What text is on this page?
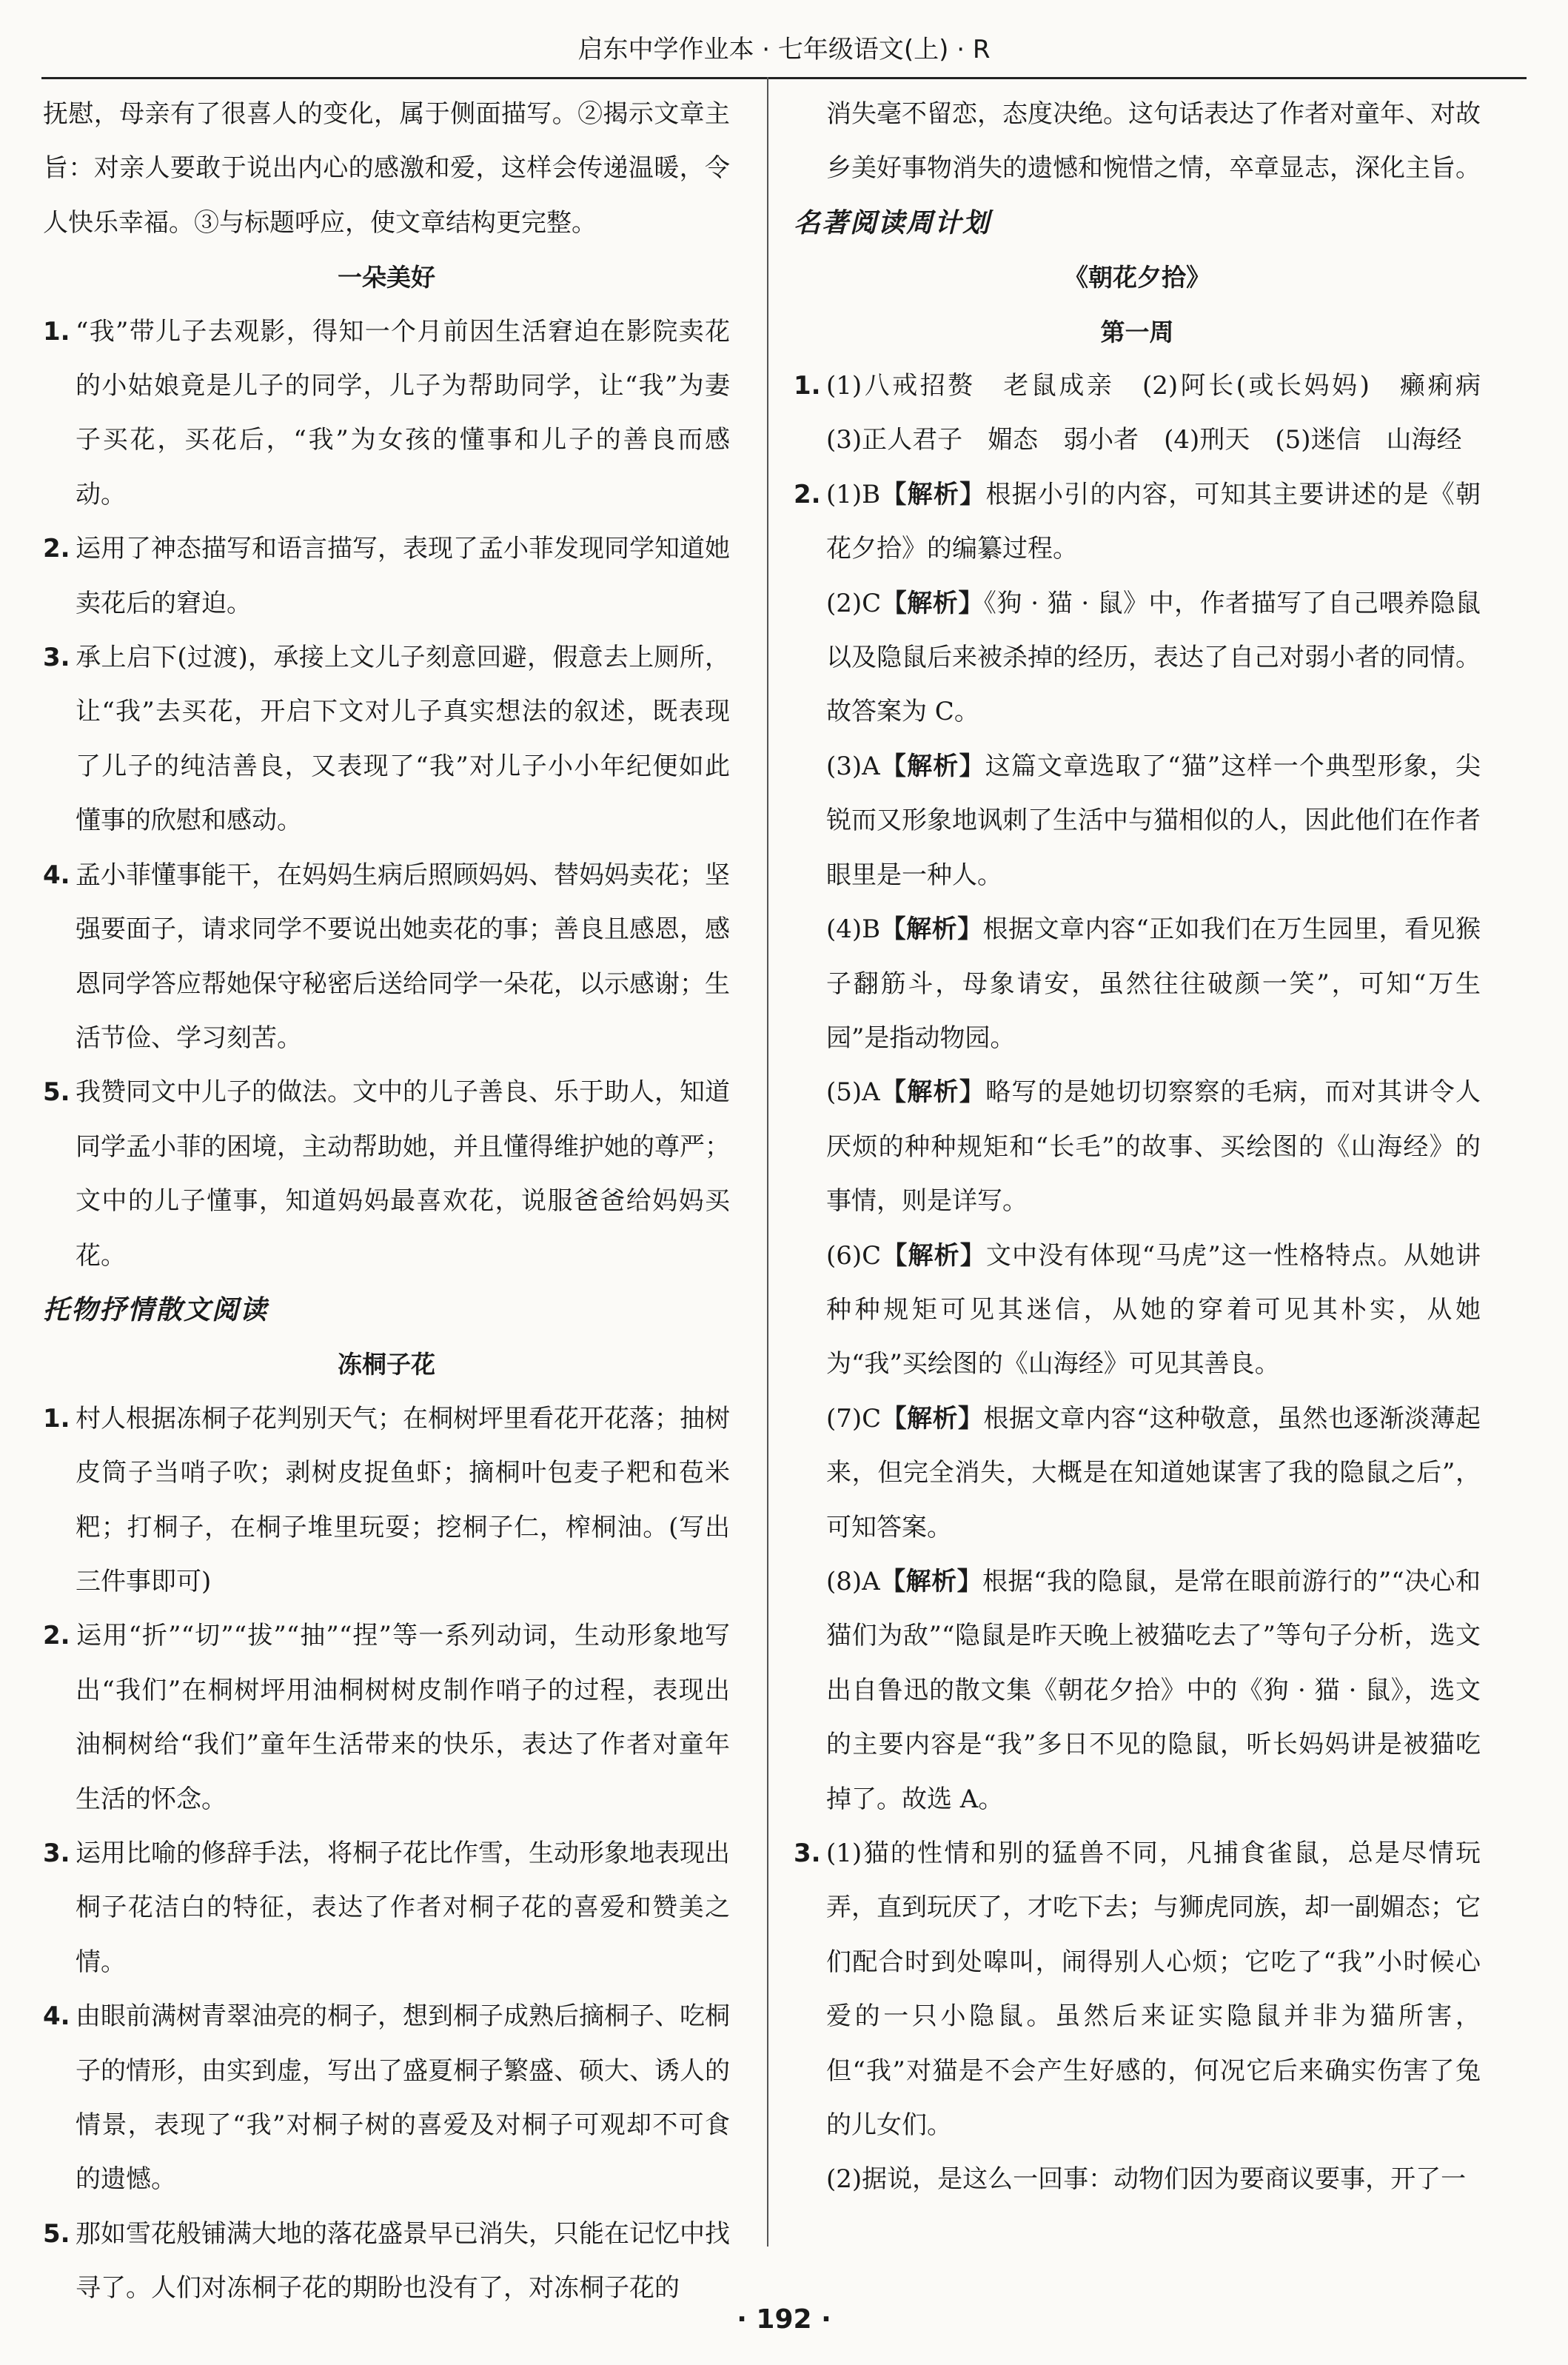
启东中学作业本 · 七年级语文(上) · R

抚慰，母亲有了很喜人的变化，属于侧面描写。②揭示文章主旨：对亲人要敢于说出内心的感激和爱，这样会传递温暖，令人快乐幸福。③与标题呼应，使文章结构更完整。

一朵美好

1. “我”带儿子去观影，得知一个月前因生活窘迫在影院卖花的小姑娘竟是儿子的同学，儿子为帮助同学，让“我”为妻子买花，买花后，“我”为女孩的懂事和儿子的善良而感动。

2. 运用了神态描写和语言描写，表现了孟小菲发现同学知道她卖花后的窘迫。

3. 承上启下(过渡)，承接上文儿子刻意回避，假意去上厕所，让“我”去买花，开启下文对儿子真实想法的叙述，既表现了儿子的纯洁善良，又表现了“我”对儿子小小年纪便如此懂事的欣慰和感动。

4. 孟小菲懂事能干，在妈妈生病后照顾妈妈、替妈妈卖花；坚强要面子，请求同学不要说出她卖花的事；善良且感恩，感恩同学答应帮她保守秘密后送给同学一朵花，以示感谢；生活节俭、学习刻苦。

5. 我赞同文中儿子的做法。文中的儿子善良、乐于助人，知道同学孟小菲的困境，主动帮助她，并且懂得维护她的尊严；文中的儿子懂事，知道妈妈最喜欢花，说服爸爸给妈妈买花。

托物抒情散文阅读

冻桐子花

1. 村人根据冻桐子花判别天气；在桐树坪里看花开花落；抽树皮筒子当哨子吹；剥树皮捉鱼虾；摘桐叶包麦子粑和苞米粑；打桐子，在桐子堆里玩耍；挖桐子仁，榨桐油。(写出三件事即可)

2. 运用“折”“切”“拔”“抽”“捏”等一系列动词，生动形象地写出“我们”在桐树坪用油桐树树皮制作哨子的过程，表现出油桐树给“我们”童年生活带来的快乐，表达了作者对童年生活的怀念。

3. 运用比喻的修辞手法，将桐子花比作雪，生动形象地表现出桐子花洁白的特征，表达了作者对桐子花的喜爱和赞美之情。

4. 由眼前满树青翠油亮的桐子，想到桐子成熟后摘桐子、吃桐子的情形，由实到虚，写出了盛夏桐子繁盛、硕大、诱人的情景，表现了“我”对桐子树的喜爱及对桐子可观却不可食的遗憾。

5. 那如雪花般铺满大地的落花盛景早已消失，只能在记忆中找寻了。人们对冻桐子花的期盼也没有了，对冻桐子花的

消失毫不留恋，态度决绝。这句话表达了作者对童年、对故乡美好事物消失的遗憾和惋惜之情，卒章显志，深化主旨。

名著阅读周计划

《朝花夕拾》

第一周

1. (1)八戒招赘　老鼠成亲　(2)阿长(或长妈妈)　癞痢病　(3)正人君子　媚态　弱小者　(4)刑天　(5)迷信　山海经

2. (1)B【解析】根据小引的内容，可知其主要讲述的是《朝花夕拾》的编纂过程。

(2)C【解析】《狗 · 猫 · 鼠》中，作者描写了自己喂养隐鼠以及隐鼠后来被杀掉的经历，表达了自己对弱小者的同情。故答案为 C。

(3)A【解析】这篇文章选取了“猫”这样一个典型形象，尖锐而又形象地讽刺了生活中与猫相似的人，因此他们在作者眼里是一种人。

(4)B【解析】根据文章内容“正如我们在万生园里，看见猴子翻筋斗，母象请安，虽然往往破颜一笑”，可知“万生园”是指动物园。

(5)A【解析】略写的是她切切察察的毛病，而对其讲令人厌烦的种种规矩和“长毛”的故事、买绘图的《山海经》的事情，则是详写。

(6)C【解析】文中没有体现“马虎”这一性格特点。从她讲种种规矩可见其迷信，从她的穿着可见其朴实，从她为“我”买绘图的《山海经》可见其善良。

(7)C【解析】根据文章内容“这种敬意，虽然也逐渐淡薄起来，但完全消失，大概是在知道她谋害了我的隐鼠之后”，可知答案。

(8)A【解析】根据“我的隐鼠，是常在眼前游行的”“决心和猫们为敌”“隐鼠是昨天晚上被猫吃去了”等句子分析，选文出自鲁迅的散文集《朝花夕拾》中的《狗 · 猫 · 鼠》，选文的主要内容是“我”多日不见的隐鼠，听长妈妈讲是被猫吃掉了。故选 A。

3. (1)猫的性情和别的猛兽不同，凡捕食雀鼠，总是尽情玩弄，直到玩厌了，才吃下去；与狮虎同族，却一副媚态；它们配合时到处嗥叫，闹得别人心烦；它吃了“我”小时候心爱的一只小隐鼠。虽然后来证实隐鼠并非为猫所害，但“我”对猫是不会产生好感的，何况它后来确实伤害了兔的儿女们。

(2)据说，是这么一回事：动物们因为要商议要事，开了一

· 192 ·
